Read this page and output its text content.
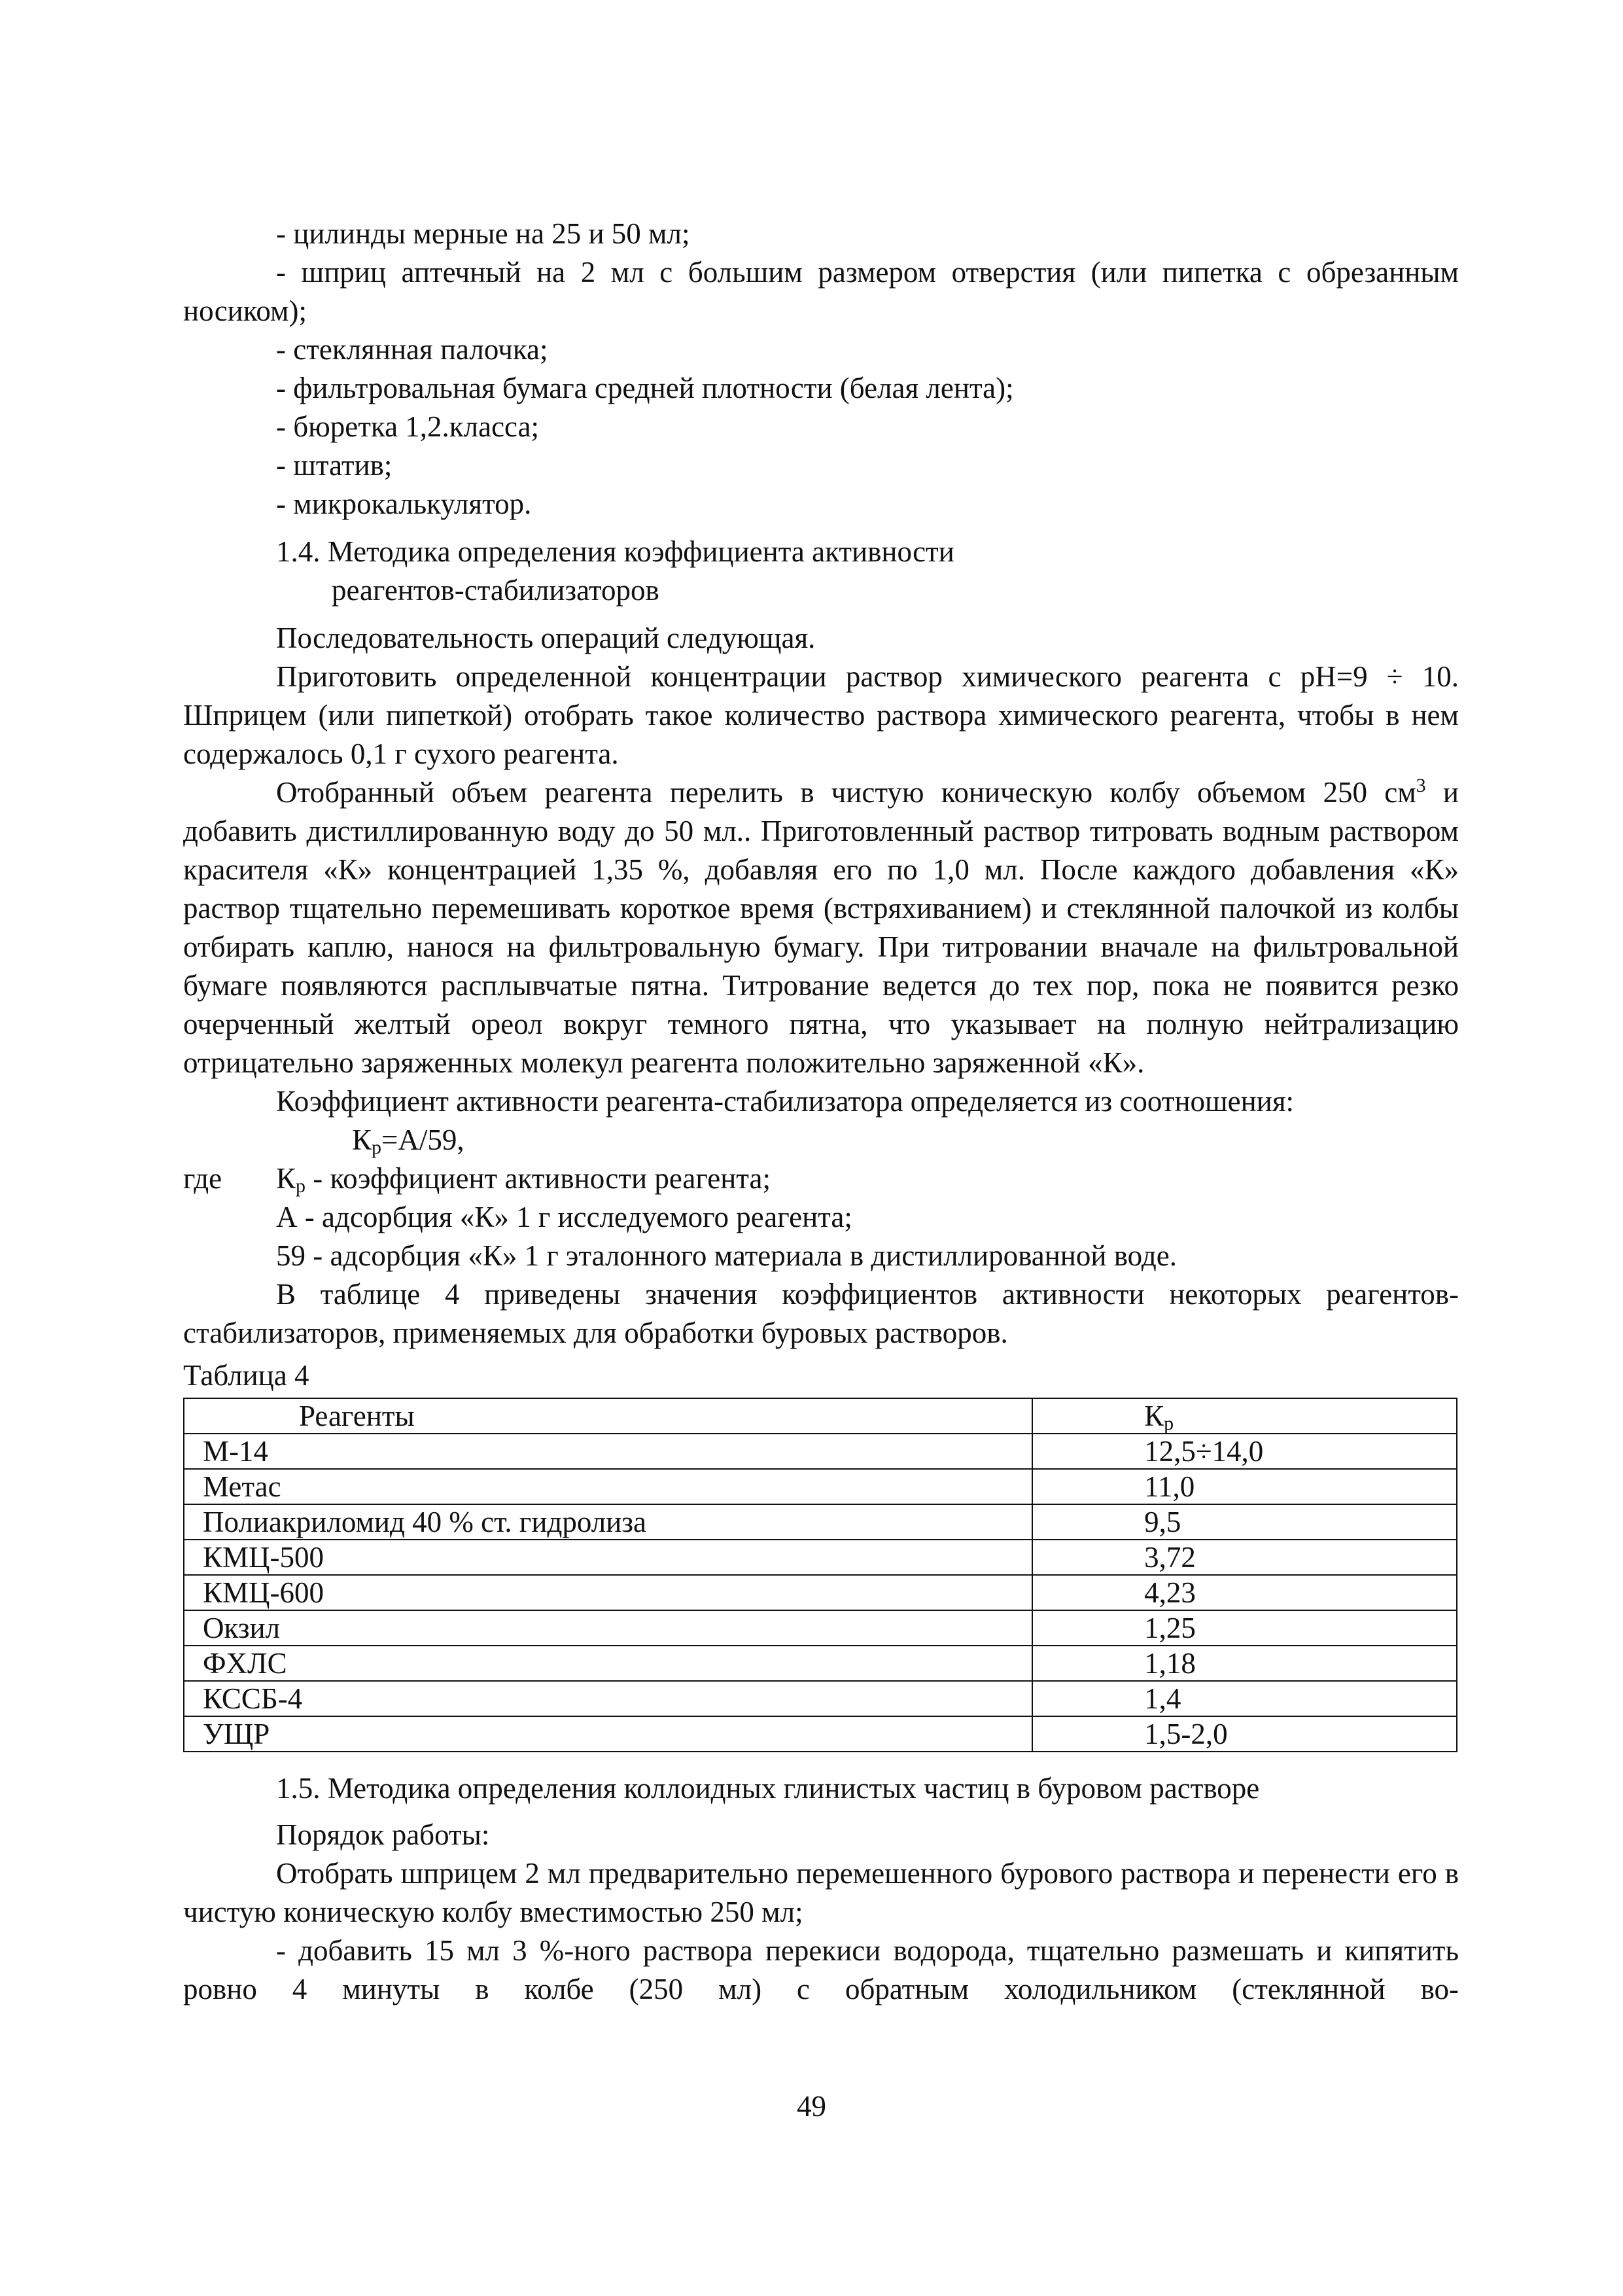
- цилинды мерные на 25 и 50 мл;

- шприц аптечный на 2 мл с большим размером отверстия (или пипетка с обрезанным носиком);

- стеклянная палочка;

- фильтровальная бумага средней плотности (белая лента);

- бюретка 1,2.класса;

- штатив;

- микрокалькулятор.

1.4. Методика определения коэффициента активности
реагентов-стабилизаторов

Последовательность операций следующая.

Приготовить определенной концентрации раствор химического реагента с pH=9 ÷ 10. Шприцем (или пипеткой) отобрать такое количество раствора химического реагента, чтобы в нем содержалось 0,1 г сухого реагента.

Отобранный объем реагента перелить в чистую коническую колбу объемом 250 $см^3$ и добавить дистиллированную воду до 50 мл.. Приготовленный раствор титровать водным раствором красителя «К» концентрацией 1,35 %, добавляя его по 1,0 мл. После каждого добавления «К» раствор тщательно перемешивать короткое время (встряхиванием) и стеклянной палочкой из колбы отбирать каплю, нанося на фильтровальную бумагу. При титровании вначале на фильтровальной бумаге появляются расплывчатые пятна. Титрование ведется до тех пор, пока не появится резко очерченный желтый ореол вокруг темного пятна, что указывает на полную нейтрализацию отрицательно заряженных молекул реагента положительно заряженной «К».

Коэффициент активности реагента-стабилизатора определяется из соотношения:

$К_р=А/59$,

где	$К_р$ - коэффициент активности реагента;

А - адсорбция «К» 1 г исследуемого реагента;

59 - адсорбция «К» 1 г эталонного материала в дистиллированной воде.

В таблице 4 приведены значения коэффициентов активности некоторых реагентов-стабилизаторов, применяемых для обработки буровых растворов.

Таблица 4

Реагенты	$К_р$
М-14	12,5÷14,0
Метас	11,0
Полиакриломид 40 % ст. гидролиза	9,5
КМЦ-500	3,72
КМЦ-600	4,23
Окзил	1,25
ФХЛС	1,18
КССБ-4	1,4
УЩР	1,5-2,0

1.5. Методика определения коллоидных глинистых частиц в буровом растворе

Порядок работы:

Отобрать шприцем 2 мл предварительно перемешенного бурового раствора и перенести его в чистую коническую колбу вместимостью 250 мл;

- добавить 15 мл 3 %-ного раствора перекиси водорода, тщательно размешать и кипятить ровно 4 минуты в колбе (250 мл) с обратным холодильником (стеклянной во-

49
